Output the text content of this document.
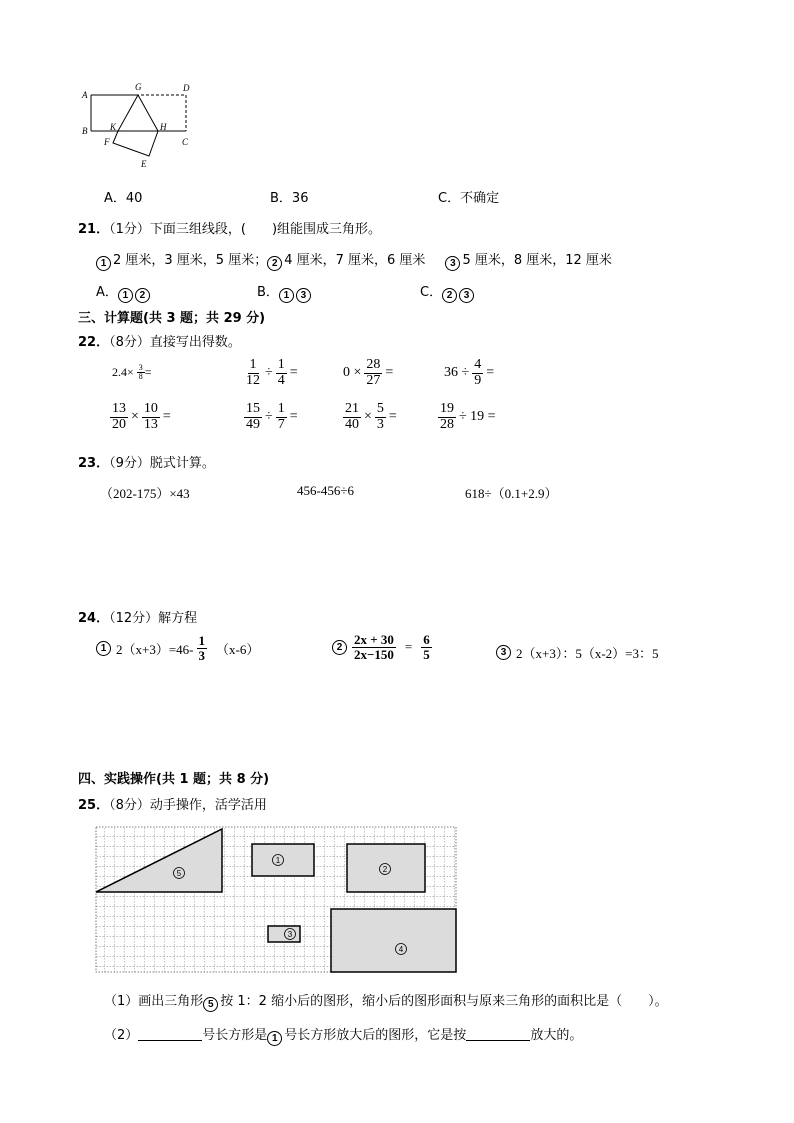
A
B
G	D
K	H
F	C
E
A．40	B．36	C．不确定
21．（1分）下面三组线段，(　　)组能围成三角形。
1 2 厘米，3 厘米，5 厘米； 2 4 厘米，7 厘米，6 厘米	3 5 厘米，8 厘米，12 厘米
A． 1 2	B． 1 3	C． 2 3
三、计算题(共 3 题；共 29 分)
22．（8分）直接写出得数。
$2.4\times \frac{3}{8}$ =	$\frac{1}{12} \div \frac{1}{4}$ =	$0 \times \frac{28}{27}$ =	$36 \div \frac{4}{9}$ =
$\frac{13}{20} \times \frac{10}{13}$ =	$\frac{15}{49} \div \frac{1}{7}$ =	$\frac{21}{40} \times \frac{5}{3}$ =	$\frac{19}{28} \div 19$ =
23．（9分）脱式计算。
（202-175）×43	456-456÷6	618÷（0.1+2.9）
24．（12分）解方程
1 $2(x+3)=46- \frac{1}{3} (x-6)$	$2 \frac{2x + 30}{2x-150} = \frac{6}{5}$	3 2（x+3）：5（x-2）=3：5
四、实践操作(共 1 题；共 8 分)
25．（8分）动手操作，活学活用
5
1
2
3
4
（1）画出三角形 5 按 1：2 缩小后的图形，缩小后的图形面积与原来三角形的面积比是（　　）。
（2）	号长方形是 1 号长方形放大后的图形，它是按	放大的。
